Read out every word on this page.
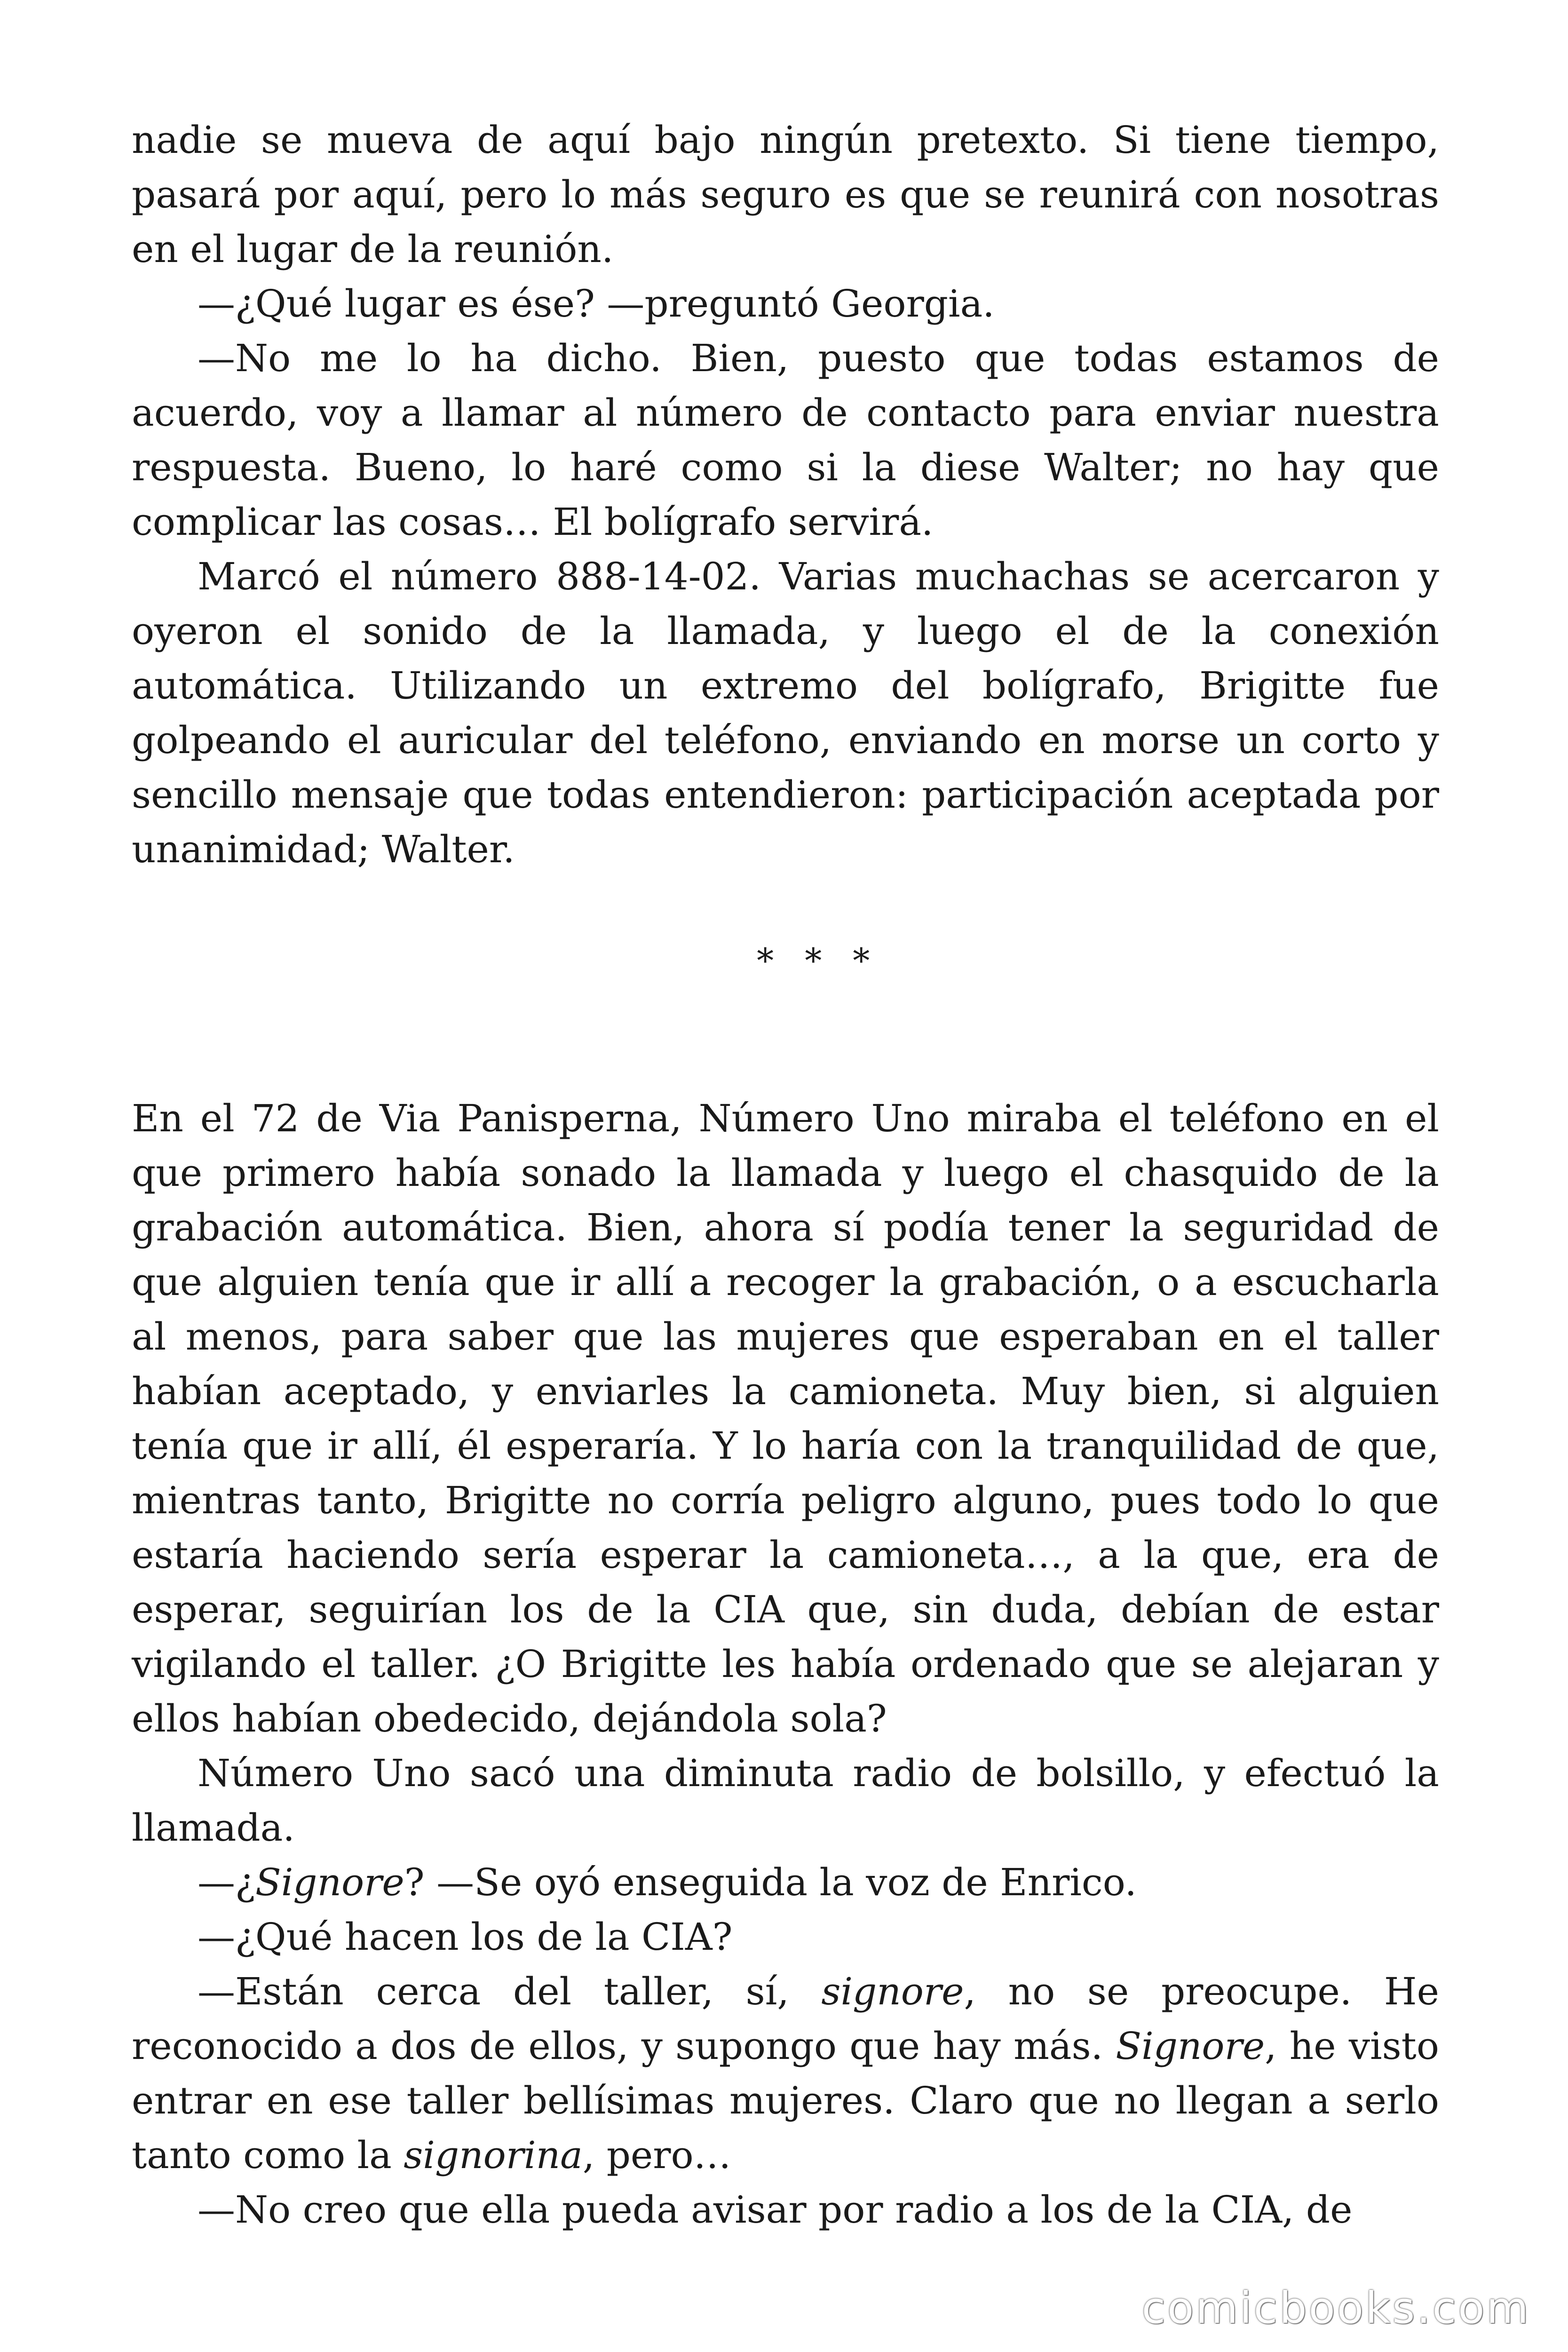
nadie se mueva de aquí bajo ningún pretexto. Si tiene tiempo, pasará por aquí, pero lo más seguro es que se reunirá con nosotras en el lugar de la reunión.

—¿Qué lugar es ése? —preguntó Georgia.

—No me lo ha dicho. Bien, puesto que todas estamos de acuerdo, voy a llamar al número de contacto para enviar nuestra respuesta. Bueno, lo haré como si la diese Walter; no hay que complicar las cosas… El bolígrafo servirá.

Marcó el número 888-14-02. Varias muchachas se acercaron y oyeron el sonido de la llamada, y luego el de la conexión automática. Utilizando un extremo del bolígrafo, Brigitte fue golpeando el auricular del teléfono, enviando en morse un corto y sencillo mensaje que todas entendieron: participación aceptada por unanimidad; Walter.

* * *

En el 72 de Via Panisperna, Número Uno miraba el teléfono en el que primero había sonado la llamada y luego el chasquido de la grabación automática. Bien, ahora sí podía tener la seguridad de que alguien tenía que ir allí a recoger la grabación, o a escucharla al menos, para saber que las mujeres que esperaban en el taller habían aceptado, y enviarles la camioneta. Muy bien, si alguien tenía que ir allí, él esperaría. Y lo haría con la tranquilidad de que, mientras tanto, Brigitte no corría peligro alguno, pues todo lo que estaría haciendo sería esperar la camioneta…, a la que, era de esperar, seguirían los de la CIA que, sin duda, debían de estar vigilando el taller. ¿O Brigitte les había ordenado que se alejaran y ellos habían obedecido, dejándola sola?

Número Uno sacó una diminuta radio de bolsillo, y efectuó la llamada.

—¿Signore? —Se oyó enseguida la voz de Enrico.

—¿Qué hacen los de la CIA?

—Están cerca del taller, sí, signore, no se preocupe. He reconocido a dos de ellos, y supongo que hay más. Signore, he visto entrar en ese taller bellísimas mujeres. Claro que no llegan a serlo tanto como la signorina, pero…

—No creo que ella pueda avisar por radio a los de la CIA, de

comicbooks.com
